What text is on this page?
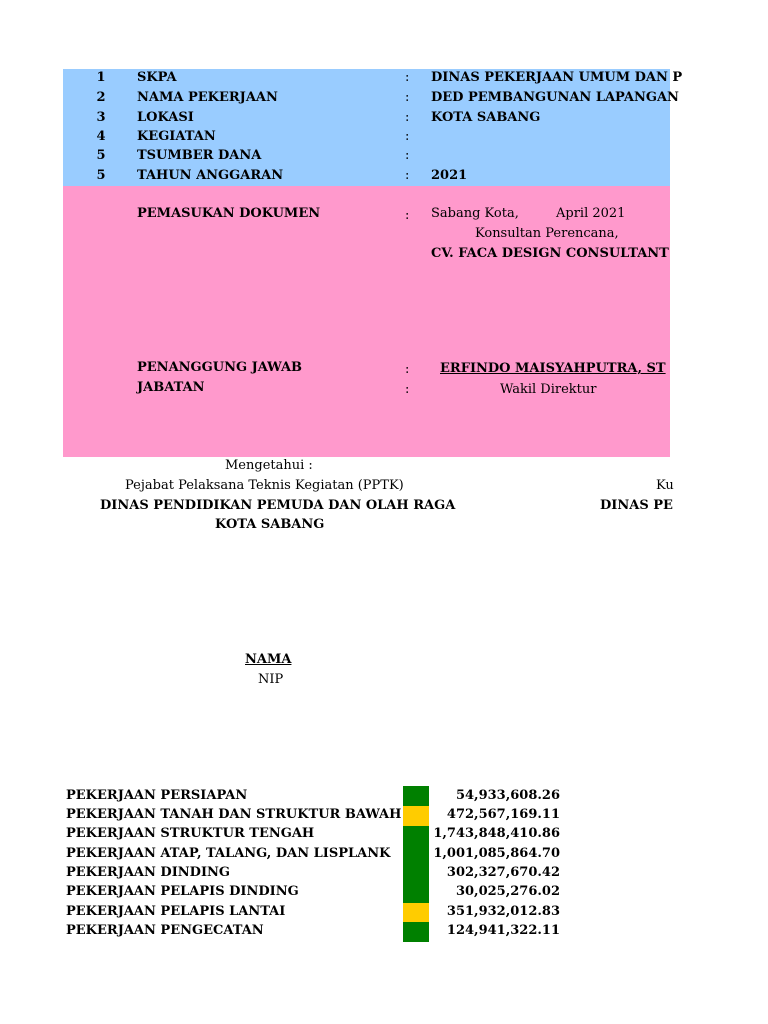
1	SKPA	: DINAS PEKERJAAN UMUM DAN P
2	NAMA PEKERJAAN	: DED PEMBANGUNAN LAPANGAN
3	LOKASI	: KOTA SABANG
4	KEGIATAN	:
5	TSUMBER DANA	:
5	TAHUN ANGGARAN	: 2021
PEMASUKAN DOKUMEN	: Sabang Kota,	April 2021
Konsultan Perencana,
CV. FACA DESIGN CONSULTANT
PENANGGUNG JAWAB	: ERFINDO MAISYAHPUTRA, ST
JABATAN	:	Wakil Direktur
Mengetahui :
Pejabat Pelaksana Teknis Kegiatan (PPTK)
DINAS PENDIDIKAN PEMUDA DAN OLAH RAGA
KOTA SABANG
Ku
DINAS PE
NAMA
NIP
PEKERJAAN PERSIAPAN	54,933,608.26
PEKERJAAN TANAH DAN STRUKTUR BAWAH	472,567,169.11
PEKERJAAN STRUKTUR TENGAH	1,743,848,410.86
PEKERJAAN ATAP, TALANG, DAN LISPLANK	1,001,085,864.70
PEKERJAAN DINDING	302,327,670.42
PEKERJAAN PELAPIS DINDING	30,025,276.02
PEKERJAAN PELAPIS LANTAI	351,932,012.83
PEKERJAAN PENGECATAN	124,941,322.11
